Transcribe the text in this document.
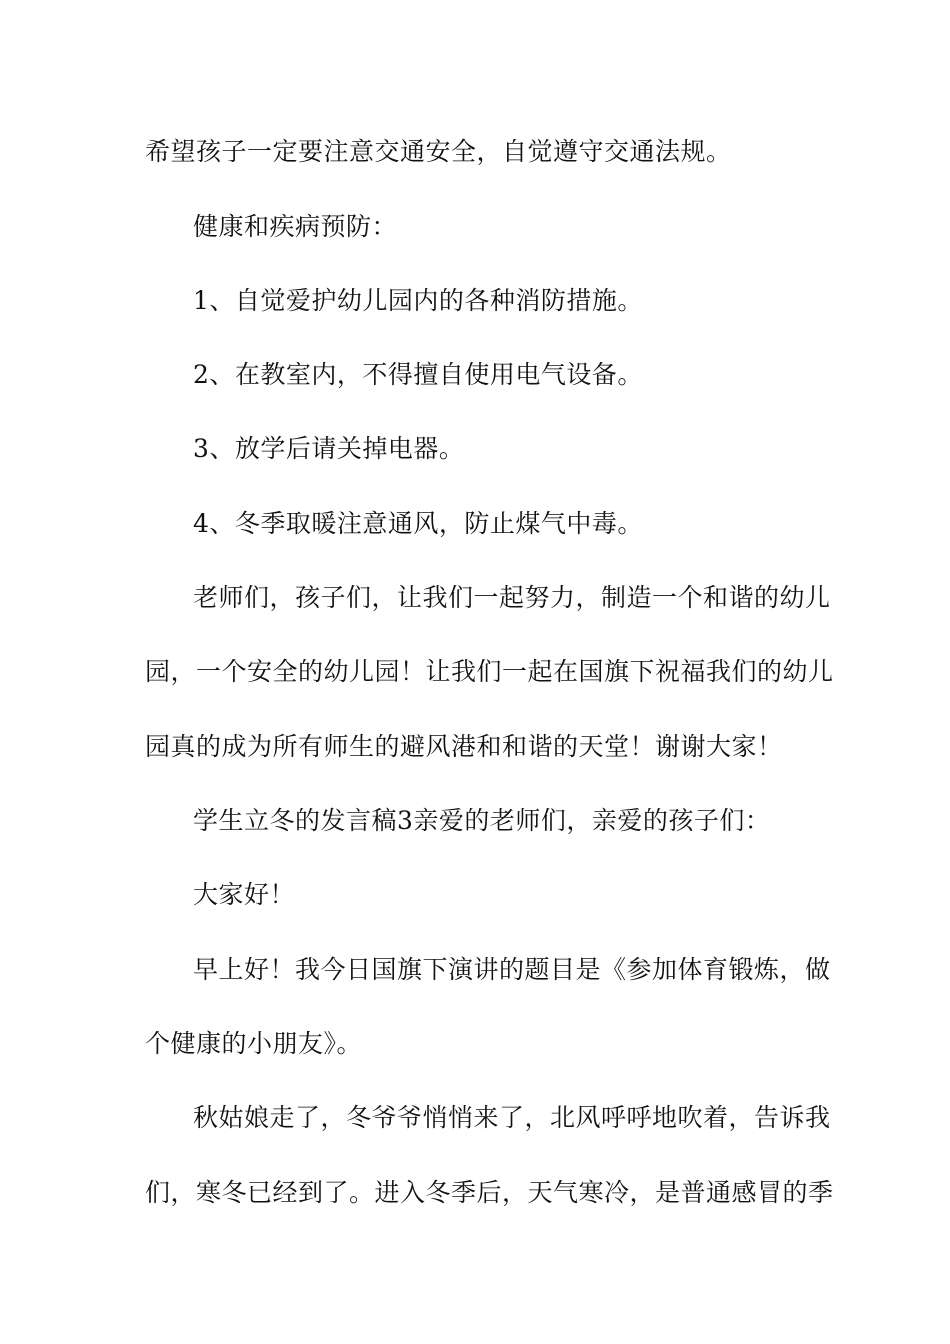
希望孩子一定要注意交通安全，自觉遵守交通法规。
健康和疾病预防：
1、自觉爱护幼儿园内的各种消防措施。
2、在教室内，不得擅自使用电气设备。
3、放学后请关掉电器。
4、冬季取暖注意通风，防止煤气中毒。
老师们，孩子们，让我们一起努力，制造一个和谐的幼儿
园，一个安全的幼儿园！让我们一起在国旗下祝福我们的幼儿
园真的成为所有师生的避风港和和谐的天堂！谢谢大家！
学生立冬的发言稿3亲爱的老师们，亲爱的孩子们：
大家好！
早上好！我今日国旗下演讲的题目是《参加体育锻炼，做
个健康的小朋友》。
秋姑娘走了，冬爷爷悄悄来了，北风呼呼地吹着，告诉我
们，寒冬已经到了。进入冬季后，天气寒冷，是普通感冒的季
